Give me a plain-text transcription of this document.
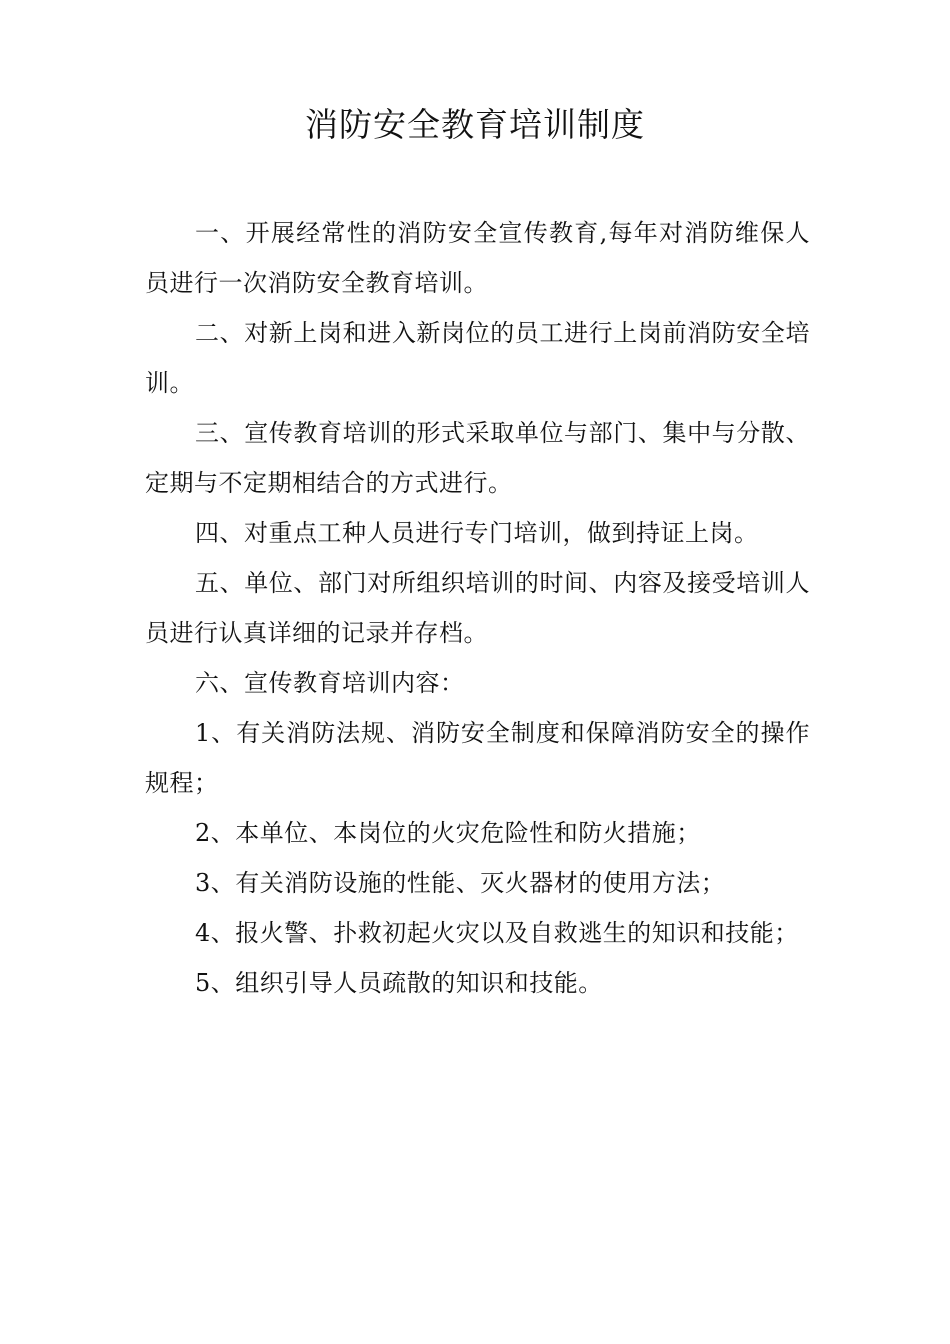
消防安全教育培训制度

一、开展经常性的消防安全宣传教育,每年对消防维保人员进行一次消防安全教育培训。

二、对新上岗和进入新岗位的员工进行上岗前消防安全培训。

三、宣传教育培训的形式采取单位与部门、集中与分散、定期与不定期相结合的方式进行。

四、对重点工种人员进行专门培训，做到持证上岗。

五、单位、部门对所组织培训的时间、内容及接受培训人员进行认真详细的记录并存档。

六、宣传教育培训内容：

1、有关消防法规、消防安全制度和保障消防安全的操作规程；

2、本单位、本岗位的火灾危险性和防火措施；

3、有关消防设施的性能、灭火器材的使用方法；

4、报火警、扑救初起火灾以及自救逃生的知识和技能；

5、组织引导人员疏散的知识和技能。
